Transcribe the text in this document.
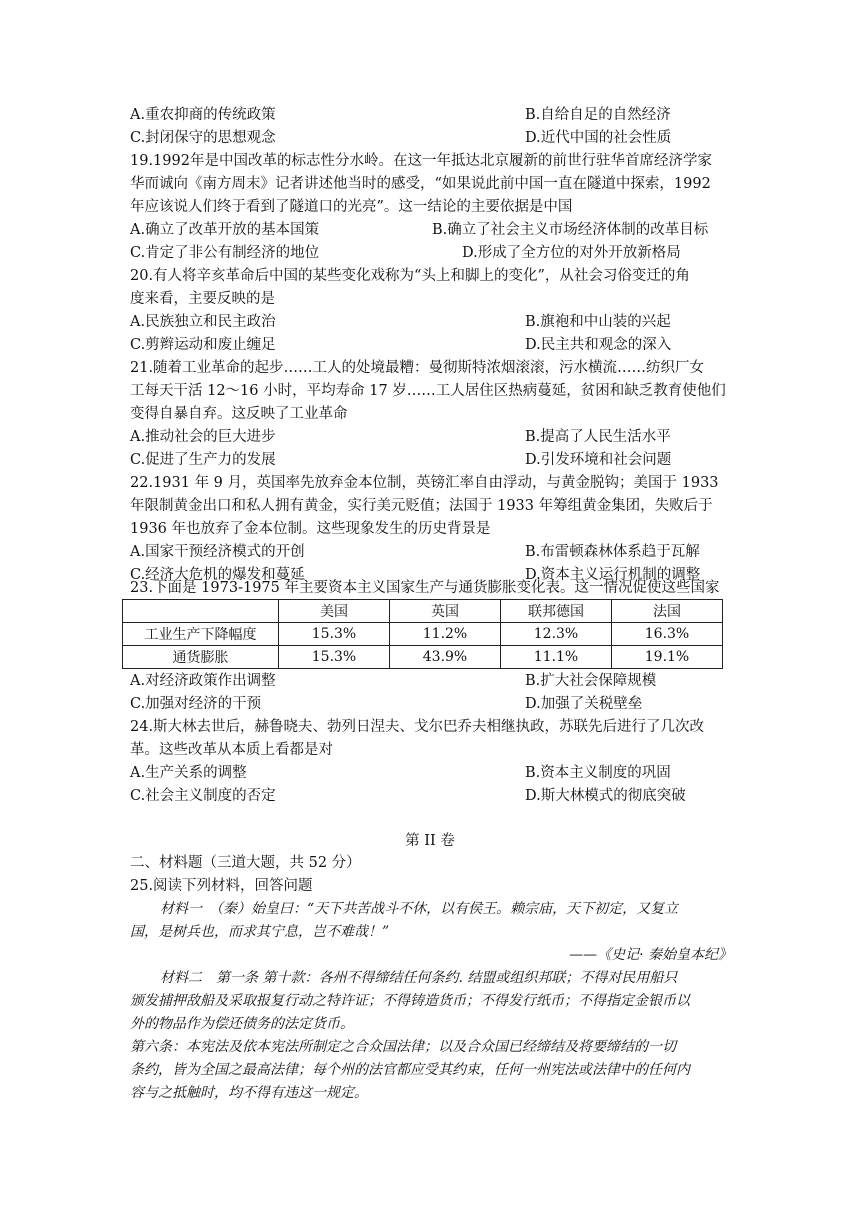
A.重农抑商的传统政策	B.自给自足的自然经济
C.封闭保守的思想观念	D.近代中国的社会性质
19.1992年是中国改革的标志性分水岭。在这一年抵达北京履新的前世行驻华首席经济学家
华而诚向《南方周末》记者讲述他当时的感受，“如果说此前中国一直在隧道中探索，1992
年应该说人们终于看到了隧道口的光亮”。这一结论的主要依据是中国
A.确立了改革开放的基本国策	B.确立了社会主义市场经济体制的改革目标
C.肯定了非公有制经济的地位	D.形成了全方位的对外开放新格局
20.有人将辛亥革命后中国的某些变化戏称为“头上和脚上的变化”，从社会习俗变迁的角
度来看，主要反映的是
A.民族独立和民主政治	B.旗袍和中山装的兴起
C.剪辫运动和废止缠足	D.民主共和观念的深入
21.随着工业革命的起步……工人的处境最糟：曼彻斯特浓烟滚滚，污水横流……纺织厂女
工每天干活 12～16 小时，平均寿命 17 岁……工人居住区热病蔓延，贫困和缺乏教育使他们
变得自暴自弃。这反映了工业革命
A.推动社会的巨大进步	B.提高了人民生活水平
C.促进了生产力的发展	D.引发环境和社会问题
22.1931 年 9 月，英国率先放弃金本位制，英镑汇率自由浮动，与黄金脱钩；美国于 1933
年限制黄金出口和私人拥有黄金，实行美元贬值；法国于 1933 年筹组黄金集团，失败后于
1936 年也放弃了金本位制。这些现象发生的历史背景是
A.国家干预经济模式的开创	B.布雷顿森林体系趋于瓦解
C.经济大危机的爆发和蔓延	D.资本主义运行机制的调整
23.下面是 1973-1975 年主要资本主义国家生产与通货膨胀变化表。这一情况促使这些国家
	美国	英国	联邦德国	法国
工业生产下降幅度	15.3%	11.2%	12.3%	16.3%
通货膨胀	15.3%	43.9%	11.1%	19.1%
A.对经济政策作出调整	B.扩大社会保障规模
C.加强对经济的干预	D.加强了关税壁垒
24.斯大林去世后，赫鲁晓夫、勃列日涅夫、戈尔巴乔夫相继执政，苏联先后进行了几次改
革。这些改革从本质上看都是对
A.生产关系的调整	B.资本主义制度的巩固
C.社会主义制度的否定	D.斯大林模式的彻底突破
第 II 卷
二、材料题（三道大题，共 52 分）
25.阅读下列材料，回答问题
材料一　（秦）始皇曰：“天下共苦战斗不休，以有侯王。赖宗庙，天下初定，又复立
国，是树兵也，而求其宁息，岂不难哉！”
——《史记· 秦始皇本纪》
材料二　第一条 第十款：各州不得缔结任何条约. 结盟或组织邦联；不得对民用船只
颁发捕押敌船及采取报复行动之特许证；不得铸造货币；不得发行纸币；不得指定金银币以
外的物品作为偿还债务的法定货币。
第六条：本宪法及依本宪法所制定之合众国法律；以及合众国已经缔结及将要缔结的一切
条约，皆为全国之最高法律；每个州的法官都应受其约束，任何一州宪法或法律中的任何内
容与之抵触时，均不得有违这一规定。
